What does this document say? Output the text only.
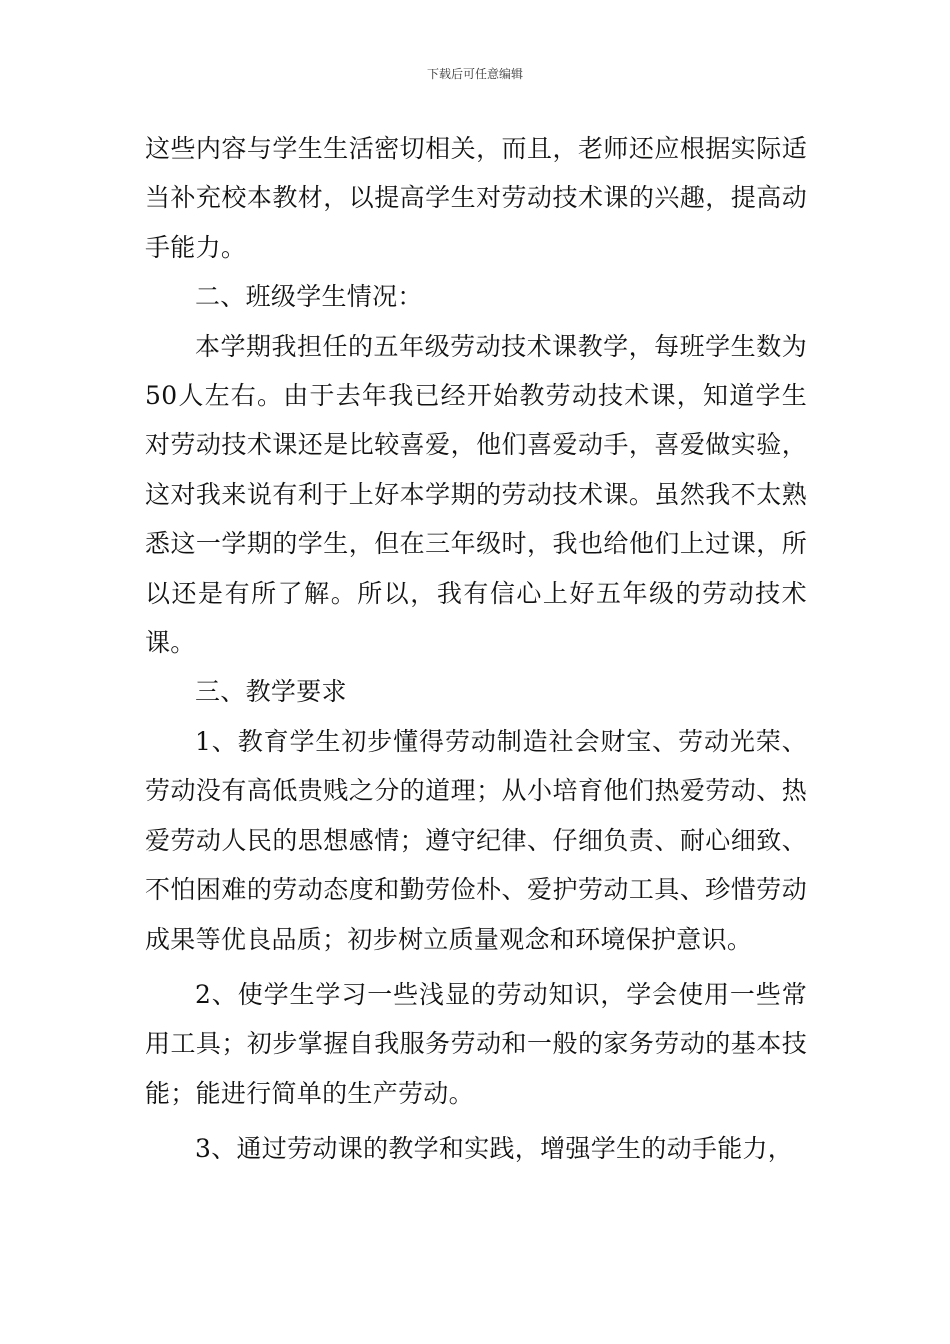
下载后可任意编辑

这些内容与学生生活密切相关，而且，老师还应根据实际适当补充校本教材，以提高学生对劳动技术课的兴趣，提高动手能力。

二、班级学生情况：

本学期我担任的五年级劳动技术课教学，每班学生数为50人左右。由于去年我已经开始教劳动技术课，知道学生对劳动技术课还是比较喜爱，他们喜爱动手，喜爱做实验，这对我来说有利于上好本学期的劳动技术课。虽然我不太熟悉这一学期的学生，但在三年级时，我也给他们上过课，所以还是有所了解。所以，我有信心上好五年级的劳动技术课。

三、教学要求

1、教育学生初步懂得劳动制造社会财宝、劳动光荣、劳动没有高低贵贱之分的道理；从小培育他们热爱劳动、热爱劳动人民的思想感情；遵守纪律、仔细负责、耐心细致、不怕困难的劳动态度和勤劳俭朴、爱护劳动工具、珍惜劳动成果等优良品质；初步树立质量观念和环境保护意识。

2、使学生学习一些浅显的劳动知识，学会使用一些常用工具；初步掌握自我服务劳动和一般的家务劳动的基本技能；能进行简单的生产劳动。

3、通过劳动课的教学和实践，增强学生的动手能力，
